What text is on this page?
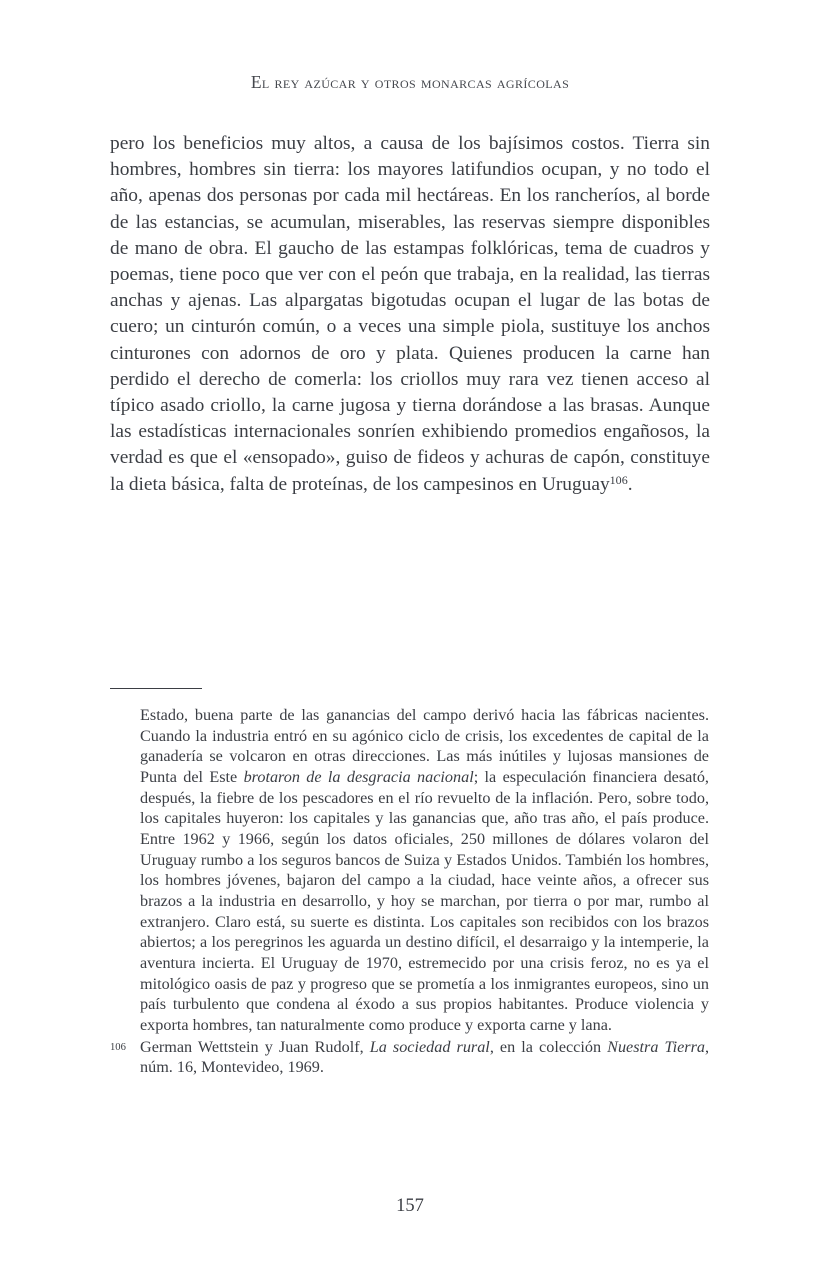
El rey azúcar y otros monarcas agrícolas

pero los beneficios muy altos, a causa de los bajísimos costos. Tierra sin hombres, hombres sin tierra: los mayores latifundios ocupan, y no todo el año, apenas dos personas por cada mil hectáreas. En los rancheríos, al borde de las estancias, se acumulan, miserables, las reservas siempre disponibles de mano de obra. El gaucho de las estampas folklóricas, tema de cuadros y poemas, tiene poco que ver con el peón que trabaja, en la realidad, las tierras anchas y ajenas. Las alpargatas bigotudas ocupan el lugar de las botas de cuero; un cinturón común, o a veces una simple piola, sustituye los anchos cinturones con adornos de oro y plata. Quienes producen la carne han perdido el derecho de comerla: los criollos muy rara vez tienen acceso al típico asado criollo, la carne jugosa y tierna dorándose a las brasas. Aunque las estadísticas internacionales sonríen exhibiendo promedios engañosos, la verdad es que el «ensopado», guiso de fideos y achuras de capón, constituye la dieta básica, falta de proteínas, de los campesinos en Uruguay$^{106}$.

Estado, buena parte de las ganancias del campo derivó hacia las fábricas nacientes. Cuando la industria entró en su agónico ciclo de crisis, los excedentes de capital de la ganadería se volcaron en otras direcciones. Las más inútiles y lujosas mansiones de Punta del Este brotaron de la desgracia nacional; la especulación financiera desató, después, la fiebre de los pescadores en el río revuelto de la inflación. Pero, sobre todo, los capitales huyeron: los capitales y las ganancias que, año tras año, el país produce. Entre 1962 y 1966, según los datos oficiales, 250 millones de dólares volaron del Uruguay rumbo a los seguros bancos de Suiza y Estados Unidos. También los hombres, los hombres jóvenes, bajaron del campo a la ciudad, hace veinte años, a ofrecer sus brazos a la industria en desarrollo, y hoy se marchan, por tierra o por mar, rumbo al extranjero. Claro está, su suerte es distinta. Los capitales son recibidos con los brazos abiertos; a los peregrinos les aguarda un destino difícil, el desarraigo y la intemperie, la aventura incierta. El Uruguay de 1970, estremecido por una crisis feroz, no es ya el mitológico oasis de paz y progreso que se prometía a los inmigrantes europeos, sino un país turbulento que condena al éxodo a sus propios habitantes. Produce violencia y exporta hombres, tan naturalmente como produce y exporta carne y lana.

106 German Wettstein y Juan Rudolf, La sociedad rural, en la colección Nuestra Tierra, núm. 16, Montevideo, 1969.

157
